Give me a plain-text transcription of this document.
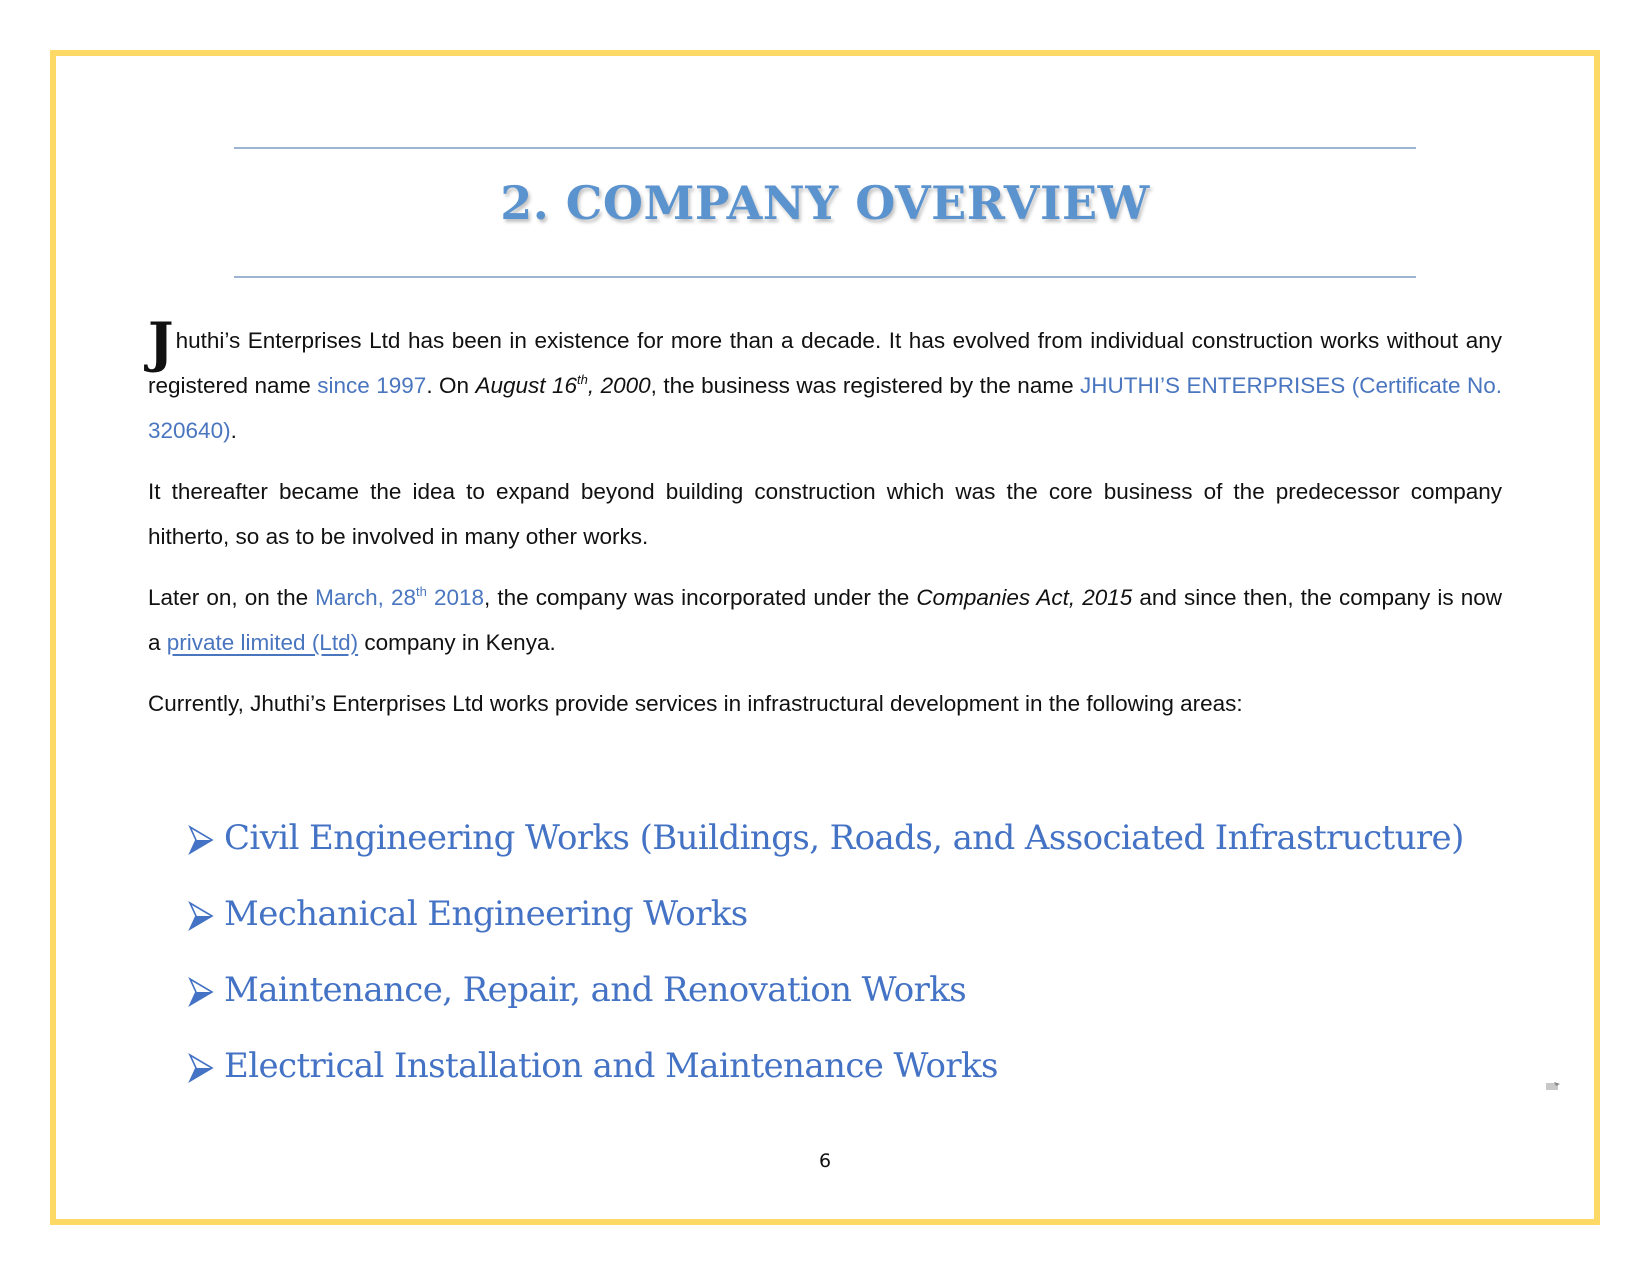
2. COMPANY OVERVIEW

Jhuthi’s Enterprises Ltd has been in existence for more than a decade. It has evolved from individual construction works without any registered name since 1997. On August 16th, 2000, the business was registered by the name JHUTHI’S ENTERPRISES (Certificate No. 320640).

It thereafter became the idea to expand beyond building construction which was the core business of the predecessor company hitherto, so as to be involved in many other works.

Later on, on the March, 28th 2018, the company was incorporated under the Companies Act, 2015 and since then, the company is now a private limited (Ltd) company in Kenya.

Currently, Jhuthi’s Enterprises Ltd works provide services in infrastructural development in the following areas:

Civil Engineering Works (Buildings, Roads, and Associated Infrastructure)
Mechanical Engineering Works
Maintenance, Repair, and Renovation Works
Electrical Installation and Maintenance Works
6
